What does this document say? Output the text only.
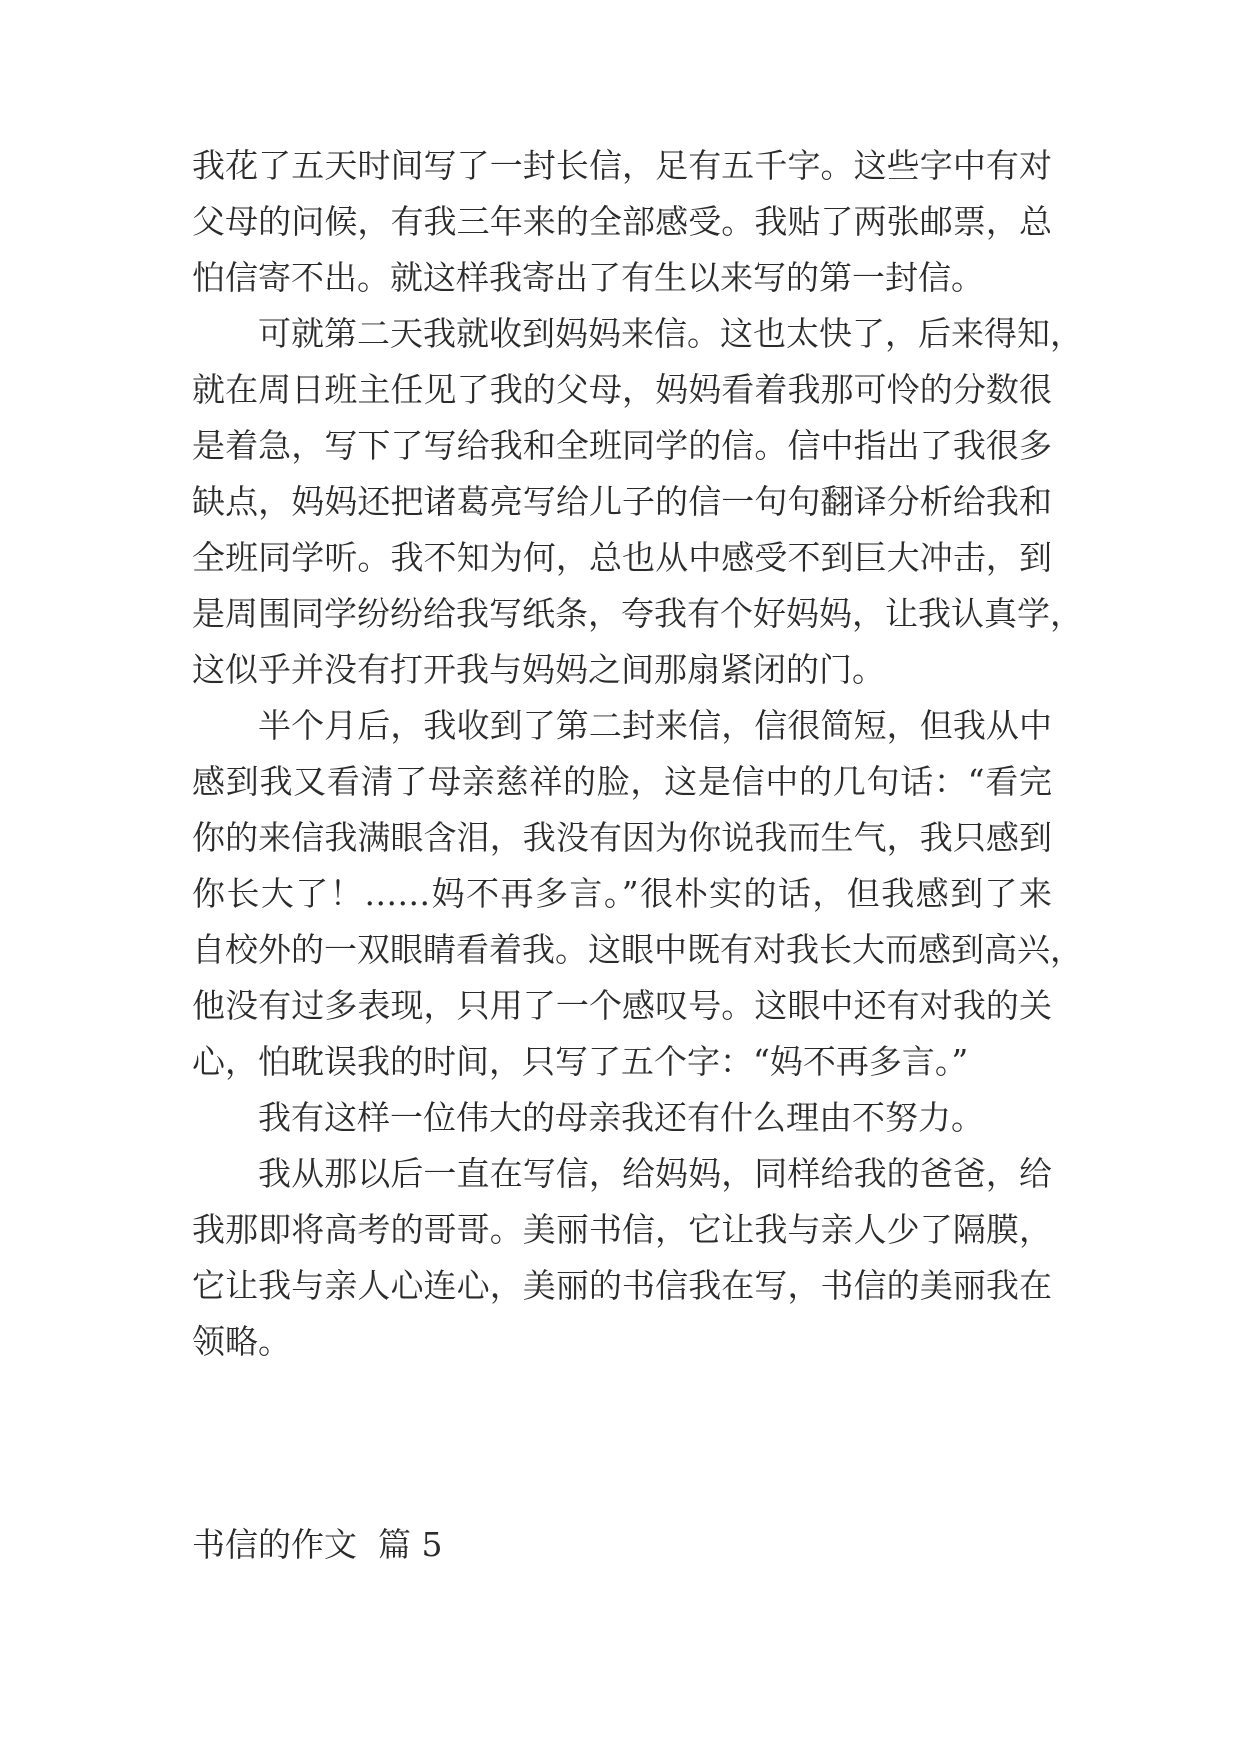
我花了五天时间写了一封长信，足有五千字。这些字中有对
父母的问候，有我三年来的全部感受。我贴了两张邮票，总
怕信寄不出。就这样我寄出了有生以来写的第一封信。
可就第二天我就收到妈妈来信。这也太快了，后来得知，
就在周日班主任见了我的父母，妈妈看着我那可怜的分数很
是着急，写下了写给我和全班同学的信。信中指出了我很多
缺点，妈妈还把诸葛亮写给儿子的信一句句翻译分析给我和
全班同学听。我不知为何，总也从中感受不到巨大冲击，到
是周围同学纷纷给我写纸条，夸我有个好妈妈，让我认真学，
这似乎并没有打开我与妈妈之间那扇紧闭的门。
半个月后，我收到了第二封来信，信很简短，但我从中
感到我又看清了母亲慈祥的脸，这是信中的几句话：“看完
你的来信我满眼含泪，我没有因为你说我而生气，我只感到
你长大了！……妈不再多言。”很朴实的话，但我感到了来
自校外的一双眼睛看着我。这眼中既有对我长大而感到高兴，
他没有过多表现，只用了一个感叹号。这眼中还有对我的关
心，怕耽误我的时间，只写了五个字：“妈不再多言。”
我有这样一位伟大的母亲我还有什么理由不努力。
我从那以后一直在写信，给妈妈，同样给我的爸爸，给
我那即将高考的哥哥。美丽书信，它让我与亲人少了隔膜，
它让我与亲人心连心，美丽的书信我在写，书信的美丽我在
领略。
书信的作文  篇 5
